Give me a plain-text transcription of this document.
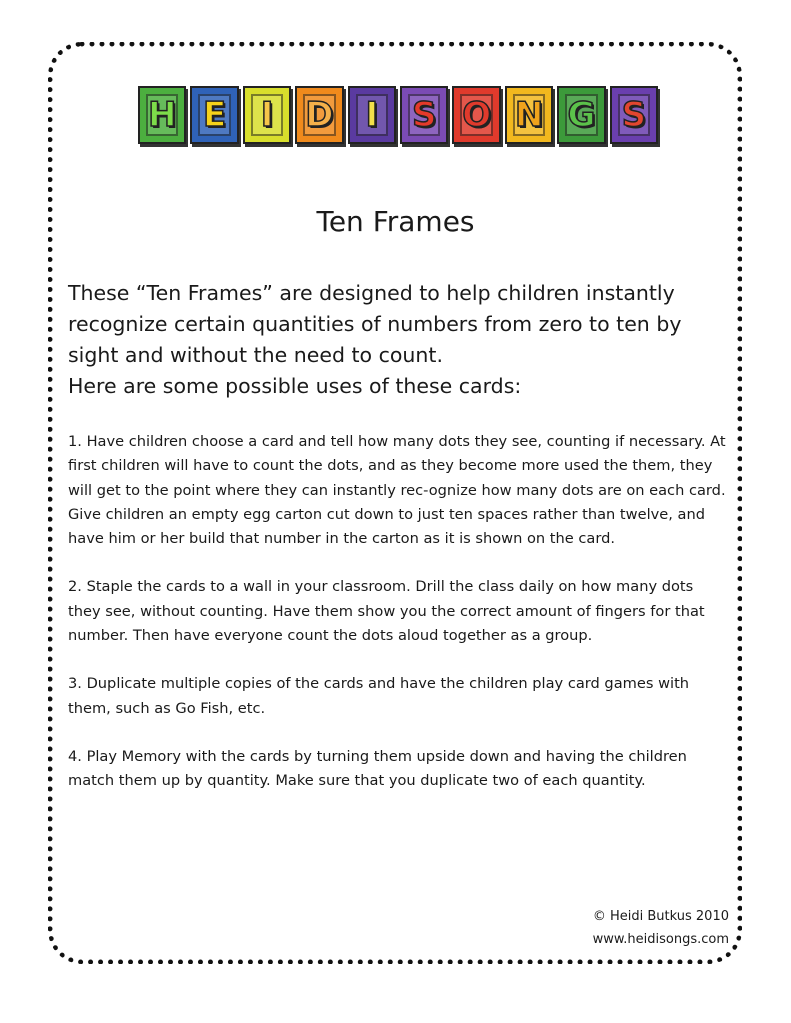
H E I D I S O N G S
Ten Frames

These “Ten Frames” are designed to help children instantly recognize certain quantities of numbers from zero to ten by sight and without the need to count.

Here are some possible uses of these cards:

1. Have children choose a card and tell how many dots they see, counting if necessary. At first children will have to count the dots, and as they become more used the them, they will get to the point where they can instantly rec-ognize how many dots are on each card. Give children an empty egg carton cut down to just ten spaces rather than twelve, and have him or her build that number in the carton as it is shown on the card.

2. Staple the cards to a wall in your classroom. Drill the class daily on how many dots they see, without counting. Have them show you the correct amount of fingers for that number. Then have everyone count the dots aloud together as a group.

3. Duplicate multiple copies of the cards and have the children play card games with them, such as Go Fish, etc.

4. Play Memory with the cards by turning them upside down and having the children match them up by quantity. Make sure that you duplicate two of each quantity.

© Heidi Butkus 2010
www.heidisongs.com
